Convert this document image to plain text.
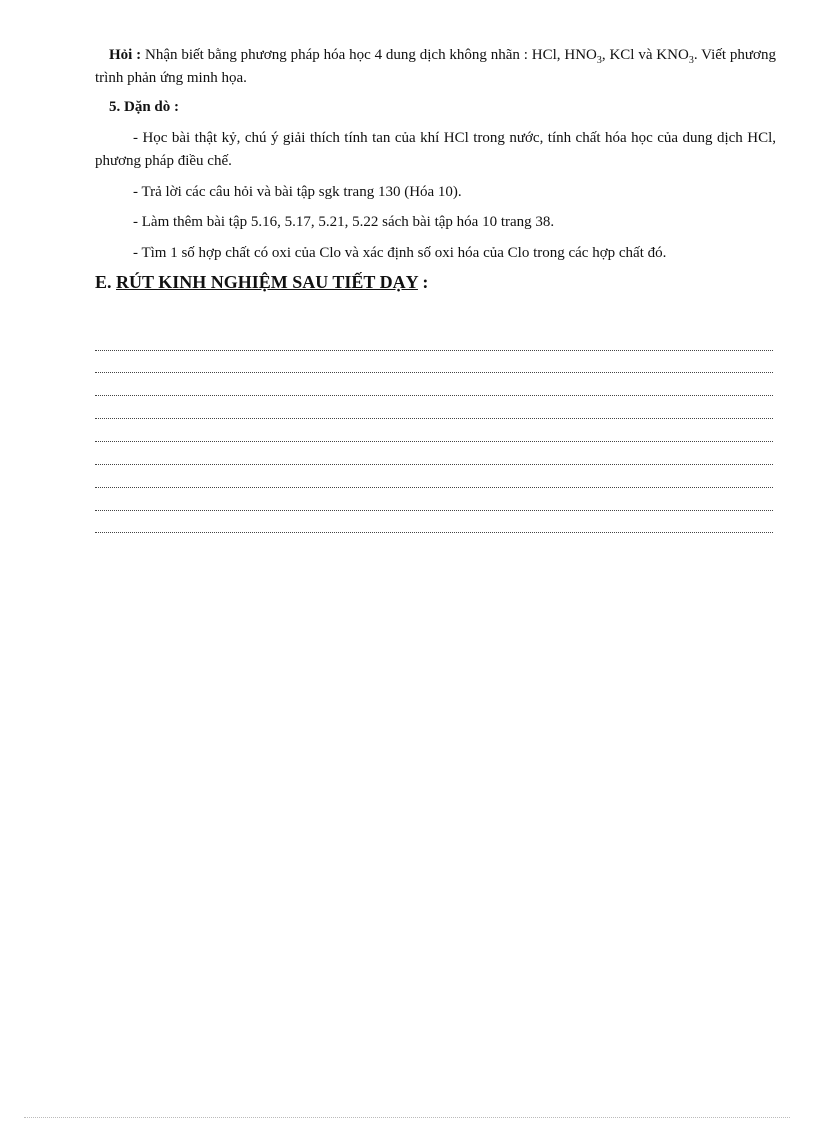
Hỏi : Nhận biết bằng phương pháp hóa học 4 dung dịch không nhãn : HCl, $HNO_3$, KCl và $KNO_3$. Viết phương trình phản ứng minh họa.

5. Dặn dò :

- Học bài thật kỷ, chú ý giải thích tính tan của khí HCl trong nước, tính chất hóa học của dung dịch HCl, phương pháp điều chế.

- Trả lời các câu hỏi và bài tập sgk trang 130 (Hóa 10).

- Làm thêm bài tập 5.16, 5.17, 5.21, 5.22 sách bài tập hóa 10 trang 38.

- Tìm 1 số hợp chất có oxi của Clo và xác định số oxi hóa của Clo trong các hợp chất đó.

E. RÚT KINH NGHIỆM SAU TIẾT DẠY :
